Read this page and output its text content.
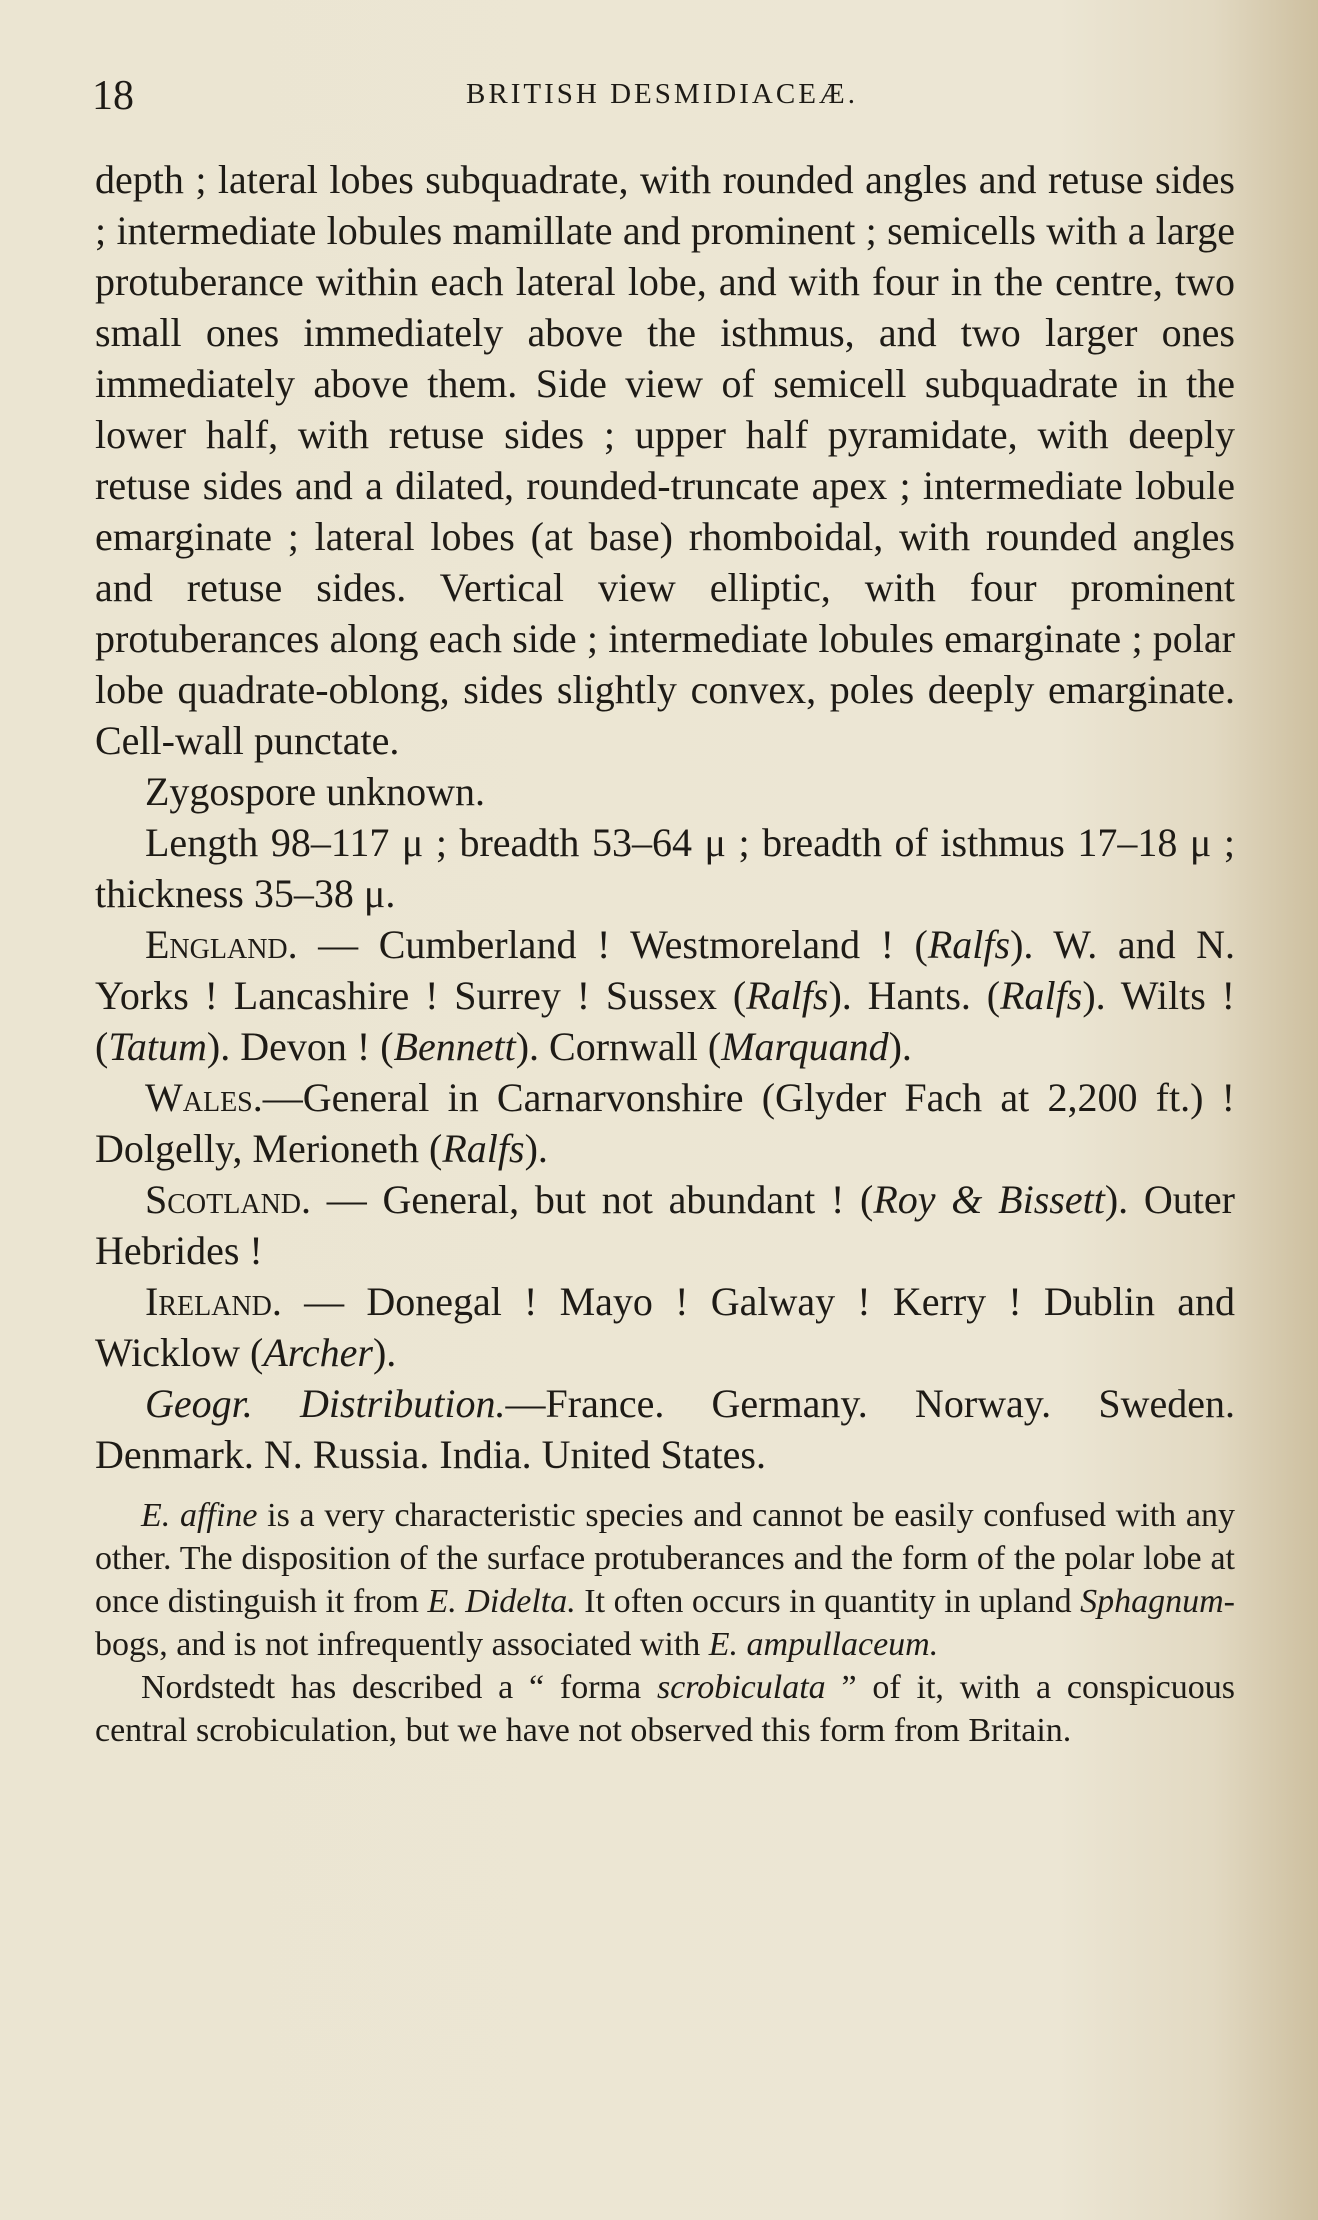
18	BRITISH DESMIDIACEÆ.

depth ; lateral lobes subquadrate, with rounded angles and retuse sides ; intermediate lobules mamillate and prominent ; semicells with a large protuberance within each lateral lobe, and with four in the centre, two small ones immediately above the isthmus, and two larger ones immediately above them. Side view of semicell subquadrate in the lower half, with retuse sides ; upper half pyramidate, with deeply retuse sides and a dilated, rounded-truncate apex ; intermediate lobule emarginate ; lateral lobes (at base) rhomboidal, with rounded angles and retuse sides. Vertical view elliptic, with four prominent protuberances along each side ; intermediate lobules emarginate ; polar lobe quadrate-oblong, sides slightly convex, poles deeply emarginate. Cell-wall punctate.

Zygospore unknown.

Length 98–117 μ ; breadth 53–64 μ ; breadth of isthmus 17–18 μ ; thickness 35–38 μ.

England. — Cumberland ! Westmoreland ! (Ralfs). W. and N. Yorks ! Lancashire ! Surrey ! Sussex (Ralfs). Hants. (Ralfs). Wilts ! (Tatum). Devon ! (Bennett). Cornwall (Marquand).

Wales.—General in Carnarvonshire (Glyder Fach at 2,200 ft.) ! Dolgelly, Merioneth (Ralfs).

Scotland. — General, but not abundant ! (Roy & Bissett). Outer Hebrides !

Ireland. — Donegal ! Mayo ! Galway ! Kerry ! Dublin and Wicklow (Archer).

Geogr. Distribution.—France. Germany. Norway. Sweden. Denmark. N. Russia. India. United States.

E. affine is a very characteristic species and cannot be easily confused with any other. The disposition of the surface protuberances and the form of the polar lobe at once distinguish it from E. Didelta. It often occurs in quantity in upland Sphagnum-bogs, and is not infrequently associated with E. ampullaceum.

Nordstedt has described a “ forma scrobiculata ” of it, with a conspicuous central scrobiculation, but we have not observed this form from Britain.
